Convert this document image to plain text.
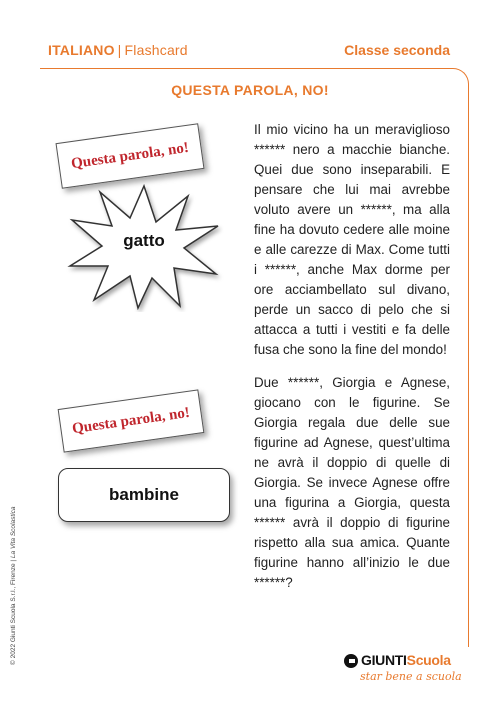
ITALIANO | Flashcard	Classe seconda
QUESTA PAROLA, NO!
Questa parola, no!
gatto
Il mio vicino ha un meraviglioso ****** nero a macchie bianche. Quei due sono inseparabili. E pensare che lui mai avrebbe voluto avere un ******, ma alla fine ha dovuto cedere alle moine e alle carezze di Max. Come tutti i ******, anche Max dorme per ore acciambellato sul divano, perde un sacco di pelo che si attacca a tutti i vestiti e fa delle fusa che sono la fine del mondo!
Questa parola, no!
bambine
Due ******, Giorgia e Agnese, giocano con le figurine. Se Giorgia regala due delle sue figurine ad Agnese, quest’ultima ne avrà il doppio di quelle di Giorgia. Se invece Agnese offre una figurina a Giorgia, questa ****** avrà il doppio di figurine rispetto alla sua amica. Quante figurine hanno all’inizio le due ******?
© 2022 Giunti Scuola S.r.l., Firenze | La Vita Scolastica
GIUNTIScuola
star bene a scuola
